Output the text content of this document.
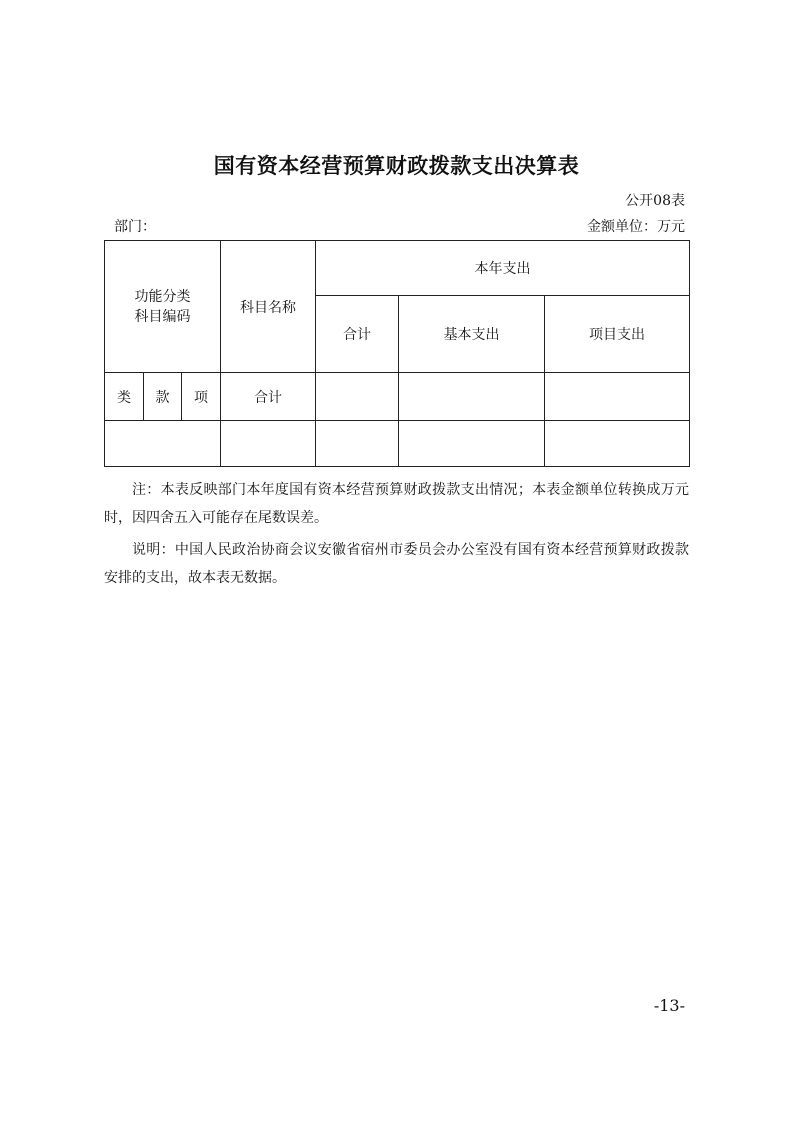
国有资本经营预算财政拨款支出决算表
公开08表
部门：	金额单位：万元
功能分类
科目编码			科目名称	本年支出		
				合计	基本支出	项目支出
类	款	项	合计			

注：本表反映部门本年度国有资本经营预算财政拨款支出情况；本表金额单位转换成万元时，因四舍五入可能存在尾数误差。
说明：中国人民政治协商会议安徽省宿州市委员会办公室没有国有资本经营预算财政拨款安排的支出，故本表无数据。
-13-
